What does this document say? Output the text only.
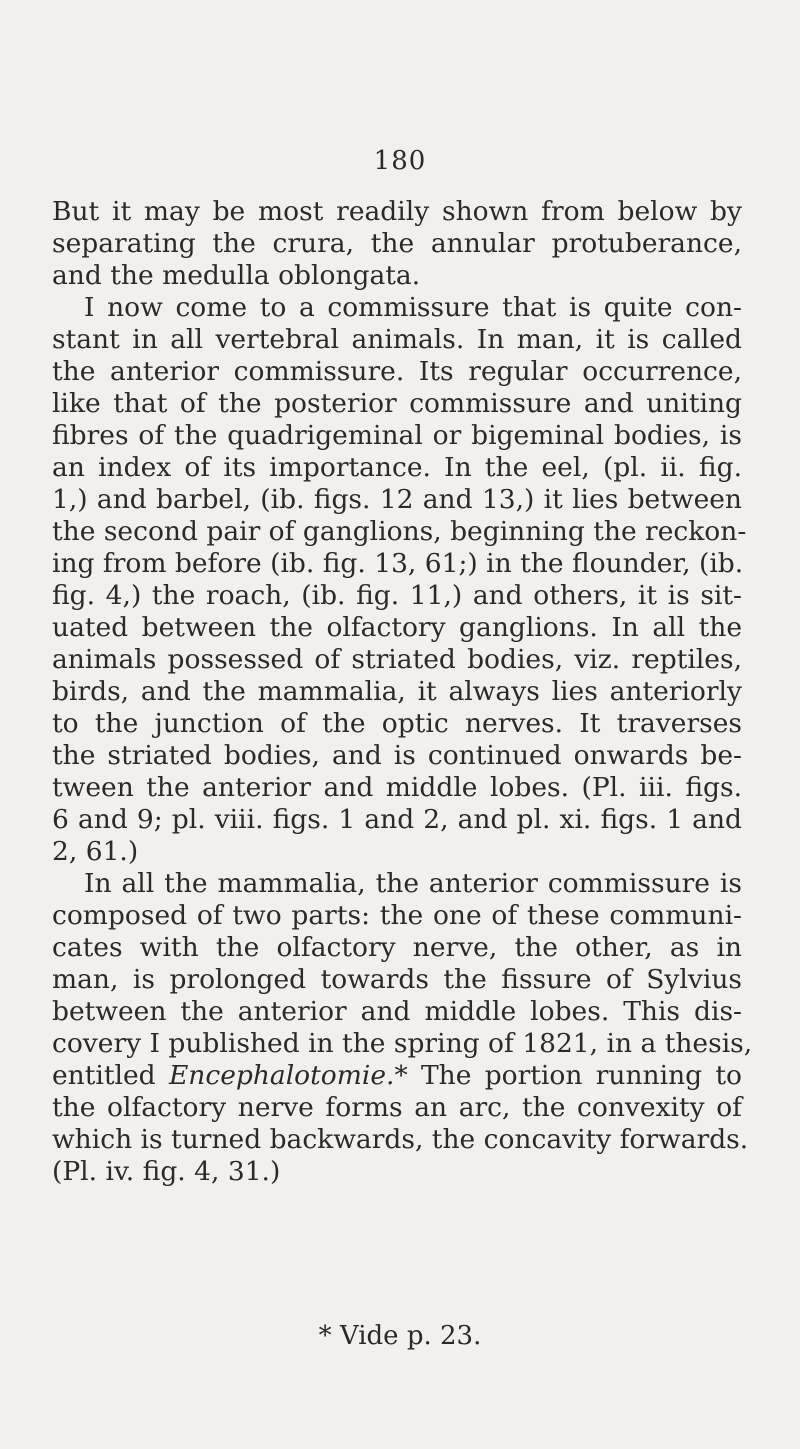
180
But it may be most readily shown from below by
separating the crura, the annular protuberance,
and the medulla oblongata.
I now come to a commissure that is quite con-
stant in all vertebral animals. In man, it is called
the anterior commissure. Its regular occurrence,
like that of the posterior commissure and uniting
fibres of the quadrigeminal or bigeminal bodies, is
an index of its importance. In the eel, (pl. ii. fig.
1,) and barbel, (ib. figs. 12 and 13,) it lies between
the second pair of ganglions, beginning the reckon-
ing from before (ib. fig. 13, 61;) in the flounder, (ib.
fig. 4,) the roach, (ib. fig. 11,) and others, it is sit-
uated between the olfactory ganglions. In all the
animals possessed of striated bodies, viz. reptiles,
birds, and the mammalia, it always lies anteriorly
to the junction of the optic nerves. It traverses
the striated bodies, and is continued onwards be-
tween the anterior and middle lobes. (Pl. iii. figs.
6 and 9; pl. viii. figs. 1 and 2, and pl. xi. figs. 1 and
2, 61.)
In all the mammalia, the anterior commissure is
composed of two parts: the one of these communi-
cates with the olfactory nerve, the other, as in
man, is prolonged towards the fissure of Sylvius
between the anterior and middle lobes. This dis-
covery I published in the spring of 1821, in a thesis,
entitled Encephalotomie.* The portion running to
the olfactory nerve forms an arc, the convexity of
which is turned backwards, the concavity forwards.
(Pl. iv. fig. 4, 31.)
* Vide p. 23.
